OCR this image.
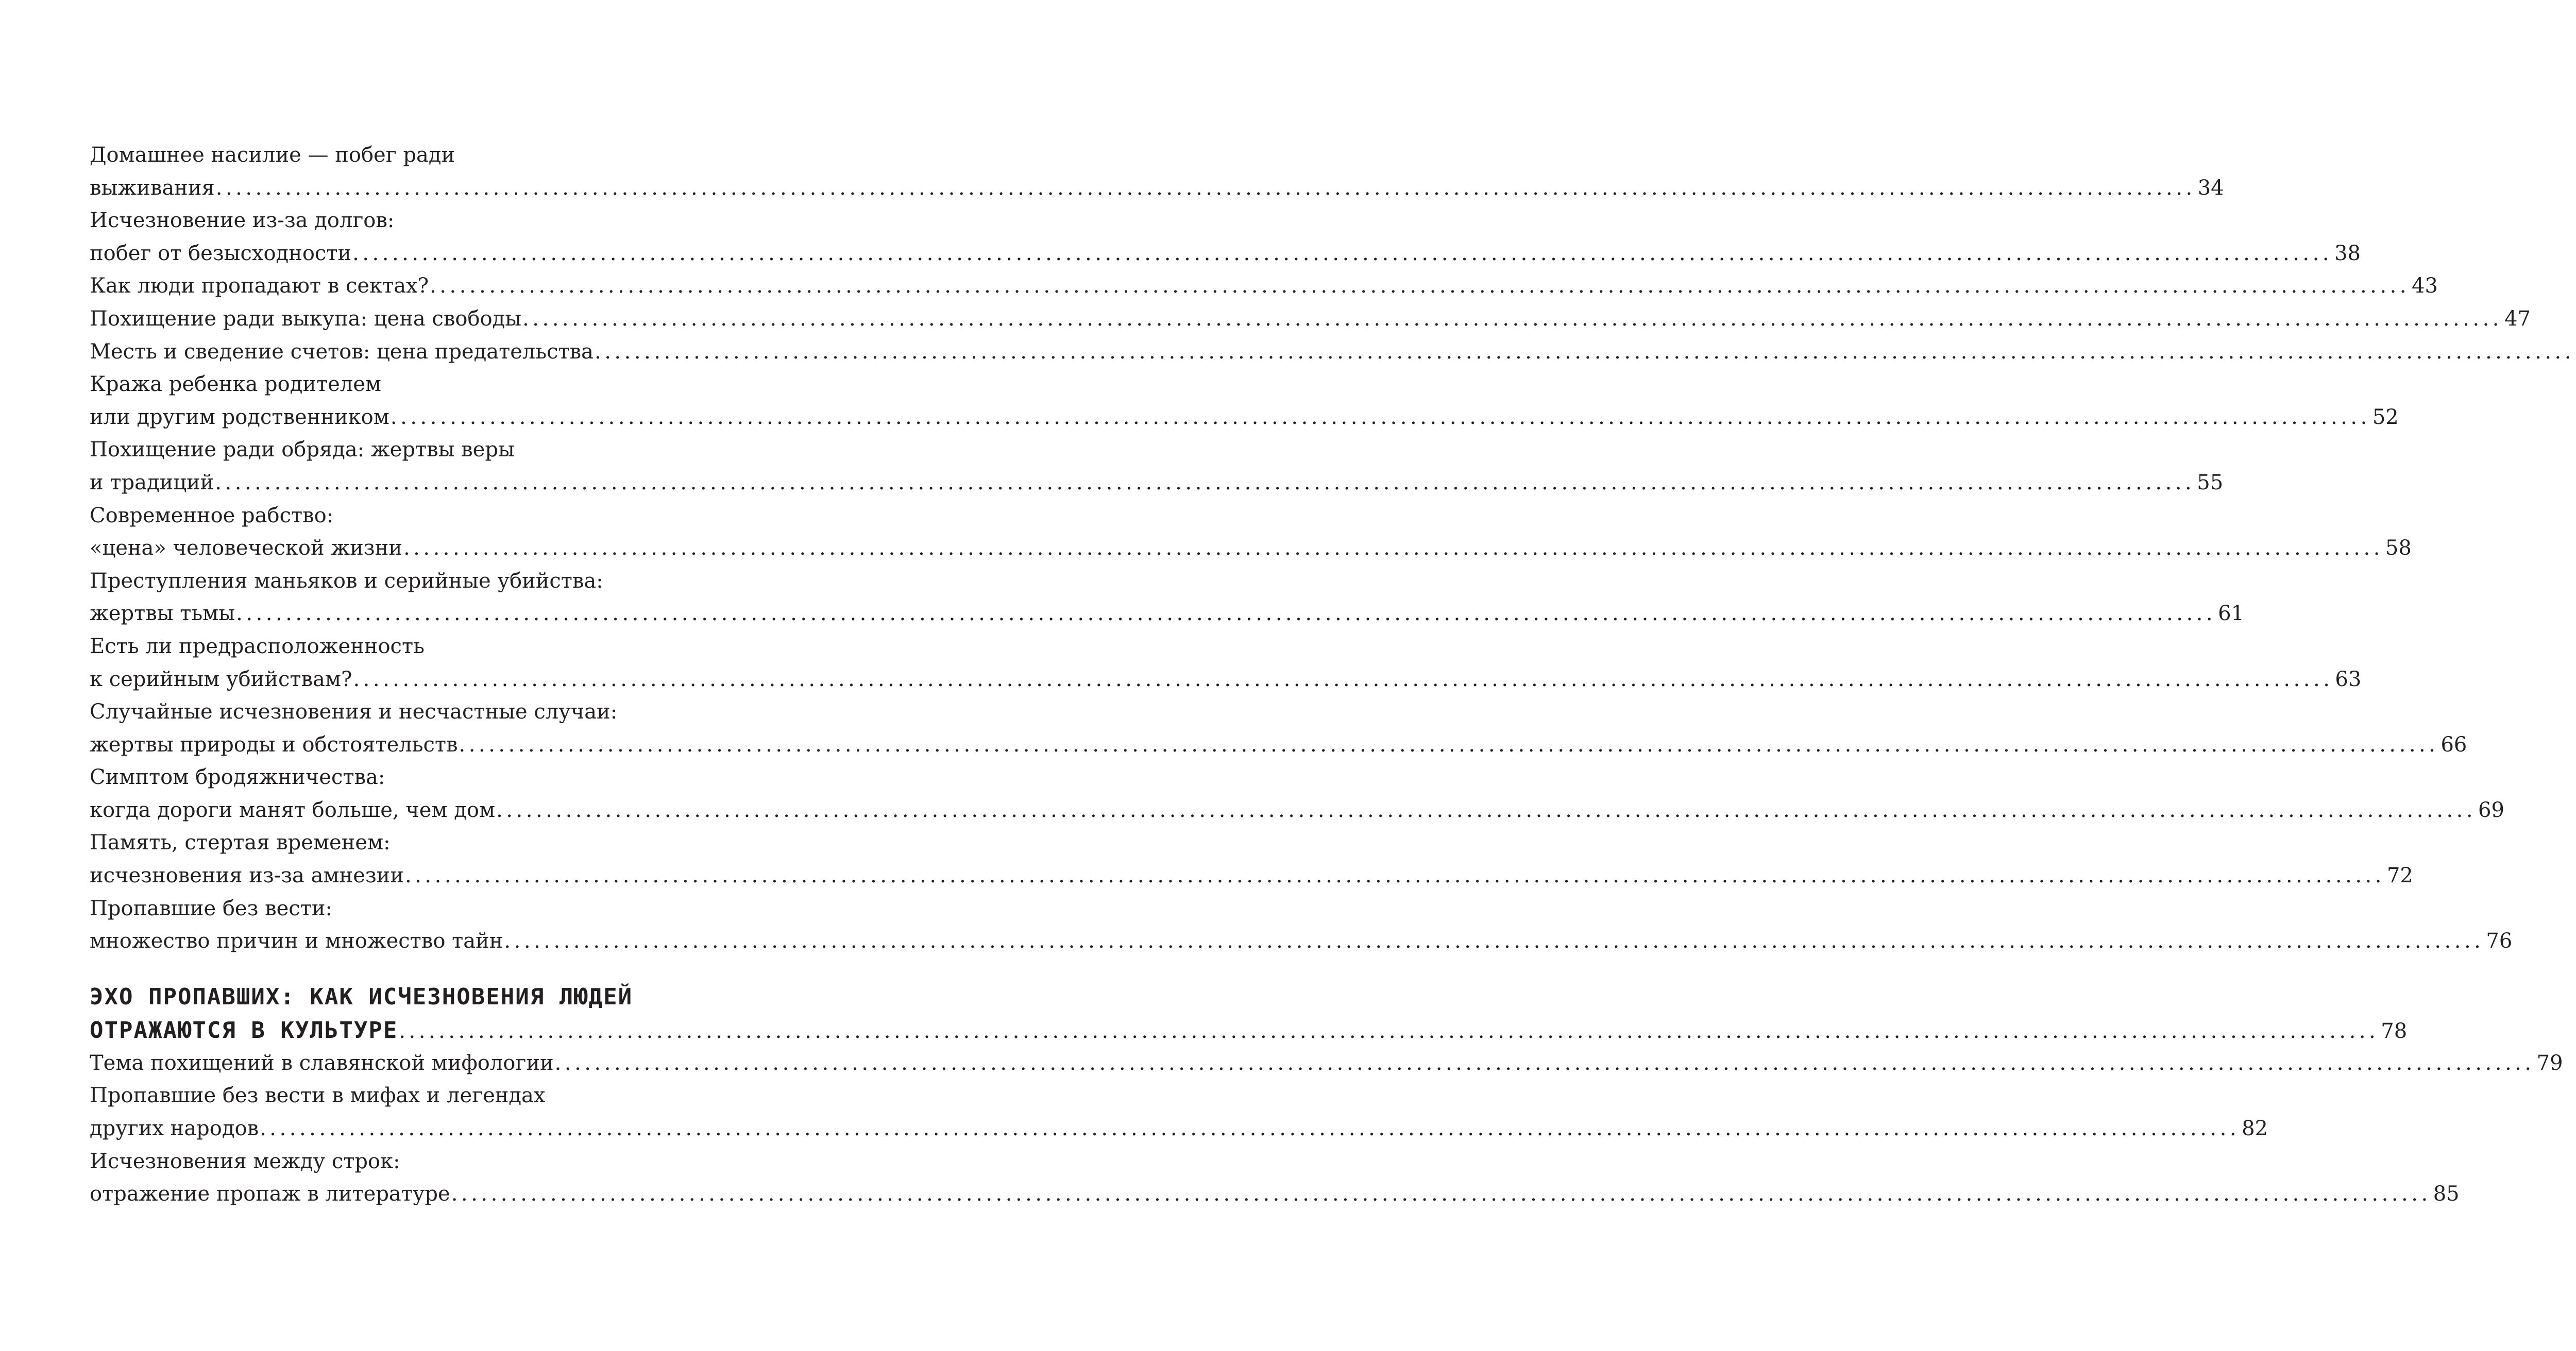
Домашнее насилие — побег ради
выживания ........................................................................................................................................................................................................ 34
Исчезновение из-за долгов:
побег от безысходности ........................................................................................................................................................................................................ 38
Как люди пропадают в сектах? ........................................................................................................................................................................................................ 43
Похищение ради выкупа: цена свободы ........................................................................................................................................................................................................ 47
Месть и сведение счетов: цена предательства ........................................................................................................................................................................................................
Кража ребенка родителем
или другим родственником ........................................................................................................................................................................................................ 52
Похищение ради обряда: жертвы веры
и традиций ........................................................................................................................................................................................................ 55
Современное рабство:
«цена» человеческой жизни ........................................................................................................................................................................................................ 58
Преступления маньяков и серийные убийства:
жертвы тьмы ........................................................................................................................................................................................................ 61
Есть ли предрасположенность
к серийным убийствам? ........................................................................................................................................................................................................ 63
Случайные исчезновения и несчастные случаи:
жертвы природы и обстоятельств ........................................................................................................................................................................................................ 66
Симптом бродяжничества:
когда дороги манят больше, чем дом ........................................................................................................................................................................................................ 69
Память, стертая временем:
исчезновения из-за амнезии ........................................................................................................................................................................................................ 72
Пропавшие без вести:
множество причин и множество тайн ........................................................................................................................................................................................................ 76
ЭХО ПРОПАВШИХ: КАК ИСЧЕЗНОВЕНИЯ ЛЮДЕЙ
ОТРАЖАЮТСЯ В КУЛЬТУРЕ ........................................................................................................................................................................................................ 78
Тема похищений в славянской мифологии ........................................................................................................................................................................................................ 79
Пропавшие без вести в мифах и легендах
других народов ........................................................................................................................................................................................................ 82
Исчезновения между строк:
отражение пропаж в литературе ........................................................................................................................................................................................................ 85
